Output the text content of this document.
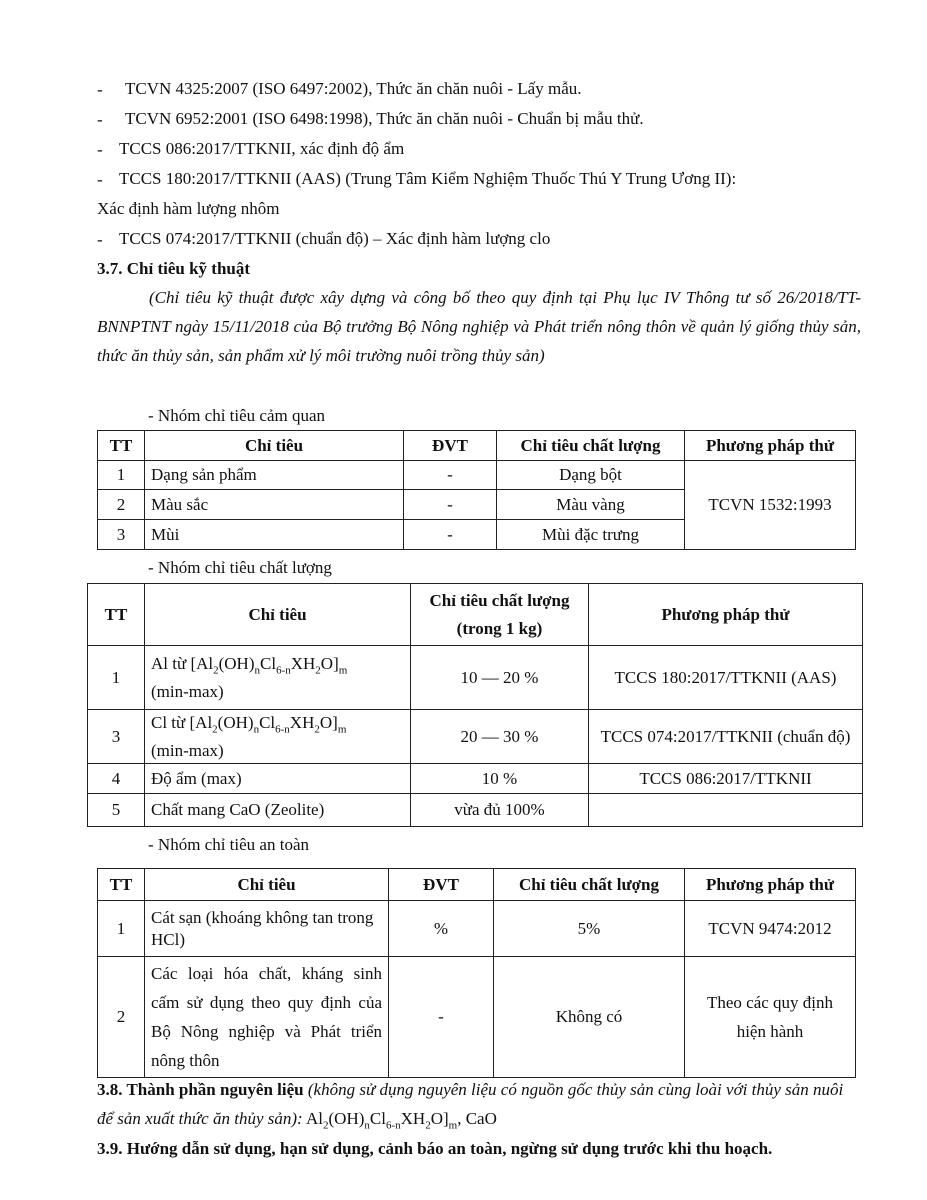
- TCVN 4325:2007 (ISO 6497:2002), Thức ăn chăn nuôi - Lấy mẫu.
- TCVN 6952:2001 (ISO 6498:1998), Thức ăn chăn nuôi - Chuẩn bị mẫu thử.
- TCCS 086:2017/TTKNII, xác định độ ẩm
- TCCS 180:2017/TTKNII (AAS) (Trung Tâm Kiểm Nghiệm Thuốc Thú Y Trung Ương II):
Xác định hàm lượng nhôm
- TCCS 074:2017/TTKNII (chuẩn độ) – Xác định hàm lượng clo
3.7. Chỉ tiêu kỹ thuật
(Chỉ tiêu kỹ thuật được xây dựng và công bố theo quy định tại Phụ lục IV Thông tư số 26/2018/TT-BNNPTNT ngày 15/11/2018 của Bộ trưởng Bộ Nông nghiệp và Phát triển nông thôn về quản lý giống thủy sản, thức ăn thủy sản, sản phẩm xử lý môi trường nuôi trồng thủy sản)
- Nhóm chỉ tiêu cảm quan
TT	Chỉ tiêu	ĐVT	Chỉ tiêu chất lượng	Phương pháp thử
1	Dạng sản phẩm	-	Dạng bột	TCVN 1532:1993
2	Màu sắc	-	Màu vàng	
3	Mùi	-	Mùi đặc trưng	
- Nhóm chỉ tiêu chất lượng
TT	Chỉ tiêu	Chỉ tiêu chất lượng (trong 1 kg)	Phương pháp thử
1	Al từ $[Al_2(OH)_nCl_{6-n}XH_2O]_m$
(min-max)	10 — 20 %	TCCS 180:2017/TTKNII (AAS)
3	Cl từ $[Al_2(OH)_nCl_{6-n}XH_2O]_m$
(min-max)	20 — 30 %	TCCS 074:2017/TTKNII (chuẩn độ)
4	Độ ẩm (max)	10 %	TCCS 086:2017/TTKNII
5	Chất mang CaO (Zeolite)	vừa đủ 100%	
- Nhóm chỉ tiêu an toàn
TT	Chỉ tiêu	ĐVT	Chỉ tiêu chất lượng	Phương pháp thử
1	Cát sạn (khoáng không tan trong HCl)	%	5%	TCVN 9474:2012
2	Các loại hóa chất, kháng sinh cấm sử dụng theo quy định của Bộ Nông nghiệp và Phát triển nông thôn	-	Không có	Theo các quy định hiện hành
3.8. Thành phần nguyên liệu (không sử dụng nguyên liệu có nguồn gốc thủy sản cùng loài với thủy sản nuôi để sản xuất thức ăn thủy sản): $Al_2(OH)_nCl_{6-n}XH_2O]_m$, CaO
3.9. Hướng dẫn sử dụng, hạn sử dụng, cảnh báo an toàn, ngừng sử dụng trước khi thu hoạch.
